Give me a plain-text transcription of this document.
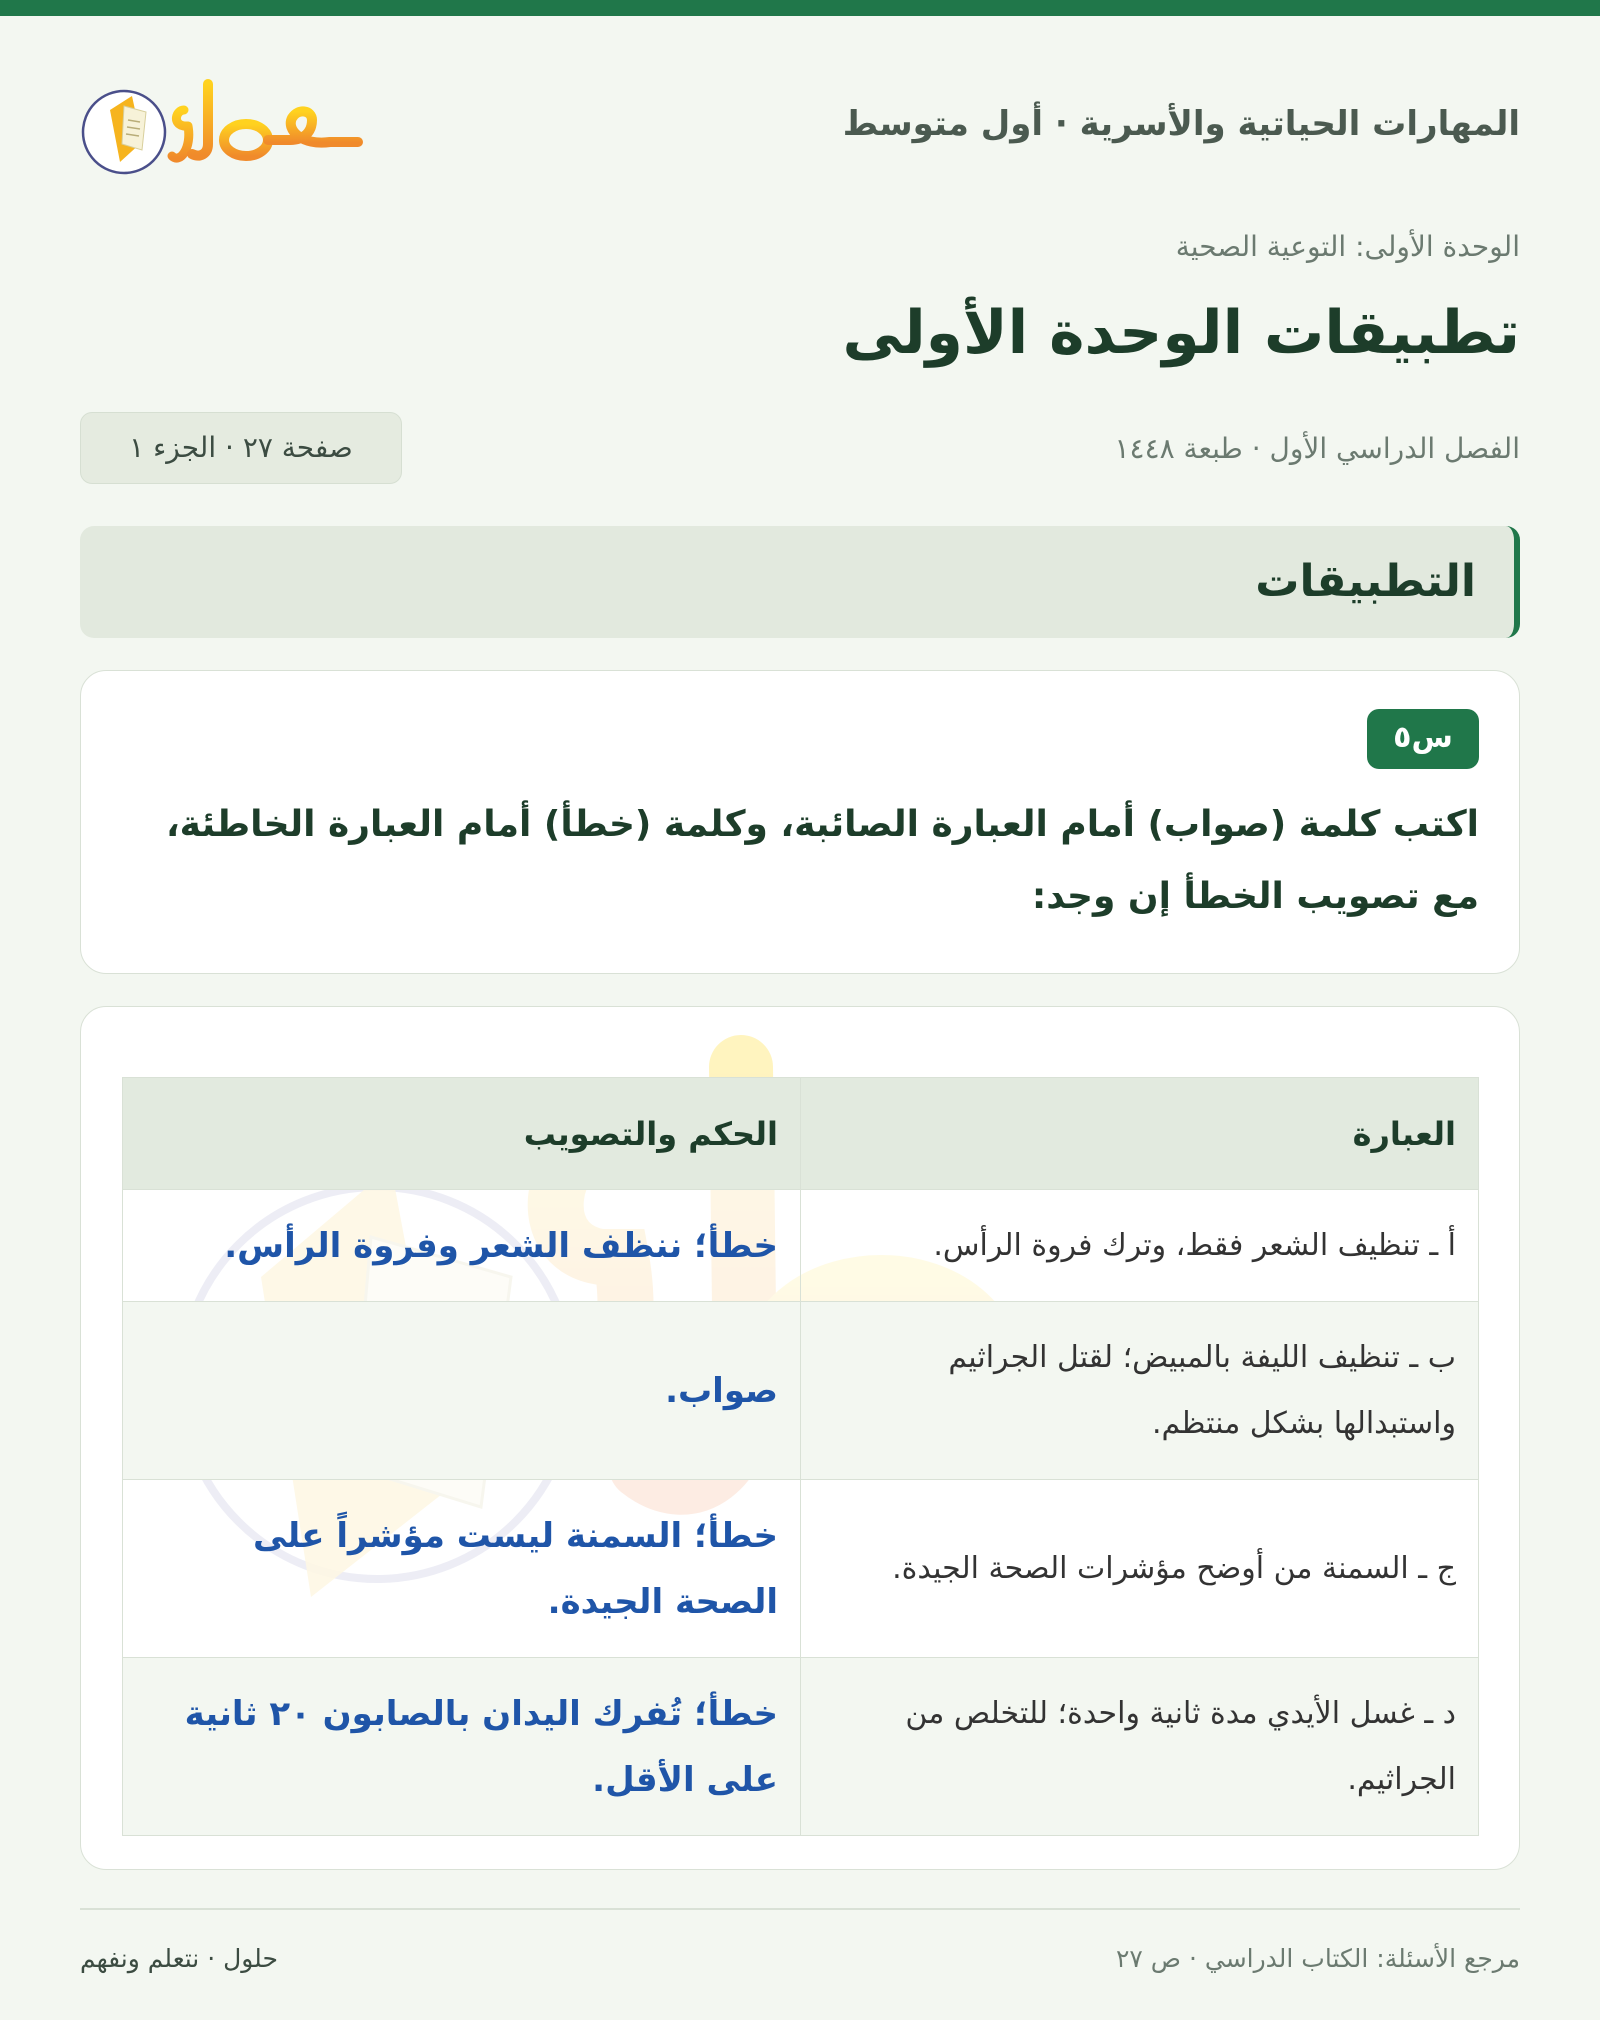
المهارات الحياتية والأسرية · أول متوسط
الوحدة الأولى: التوعية الصحية
تطبيقات الوحدة الأولى
الفصل الدراسي الأول · طبعة ١٤٤٨
صفحة ٢٧ · الجزء ١
التطبيقات
س٥

اكتب كلمة (صواب) أمام العبارة الصائبة، وكلمة (خطأ) أمام العبارة الخاطئة، مع تصويب الخطأ إن وجد:

العبارة	الحكم والتصويب
أ ـ تنظيف الشعر فقط، وترك فروة الرأس.	خطأ؛ ننظف الشعر وفروة الرأس.
ب ـ تنظيف الليفة بالمبيض؛ لقتل الجراثيم واستبدالها بشكل منتظم.	صواب.
ج ـ السمنة من أوضح مؤشرات الصحة الجيدة.	خطأ؛ السمنة ليست مؤشراً على الصحة الجيدة.
د ـ غسل الأيدي مدة ثانية واحدة؛ للتخلص من الجراثيم.	خطأ؛ تُفرك اليدان بالصابون ٢٠ ثانية على الأقل.
مرجع الأسئلة: الكتاب الدراسي · ص ٢٧
حلول · نتعلم ونفهم
